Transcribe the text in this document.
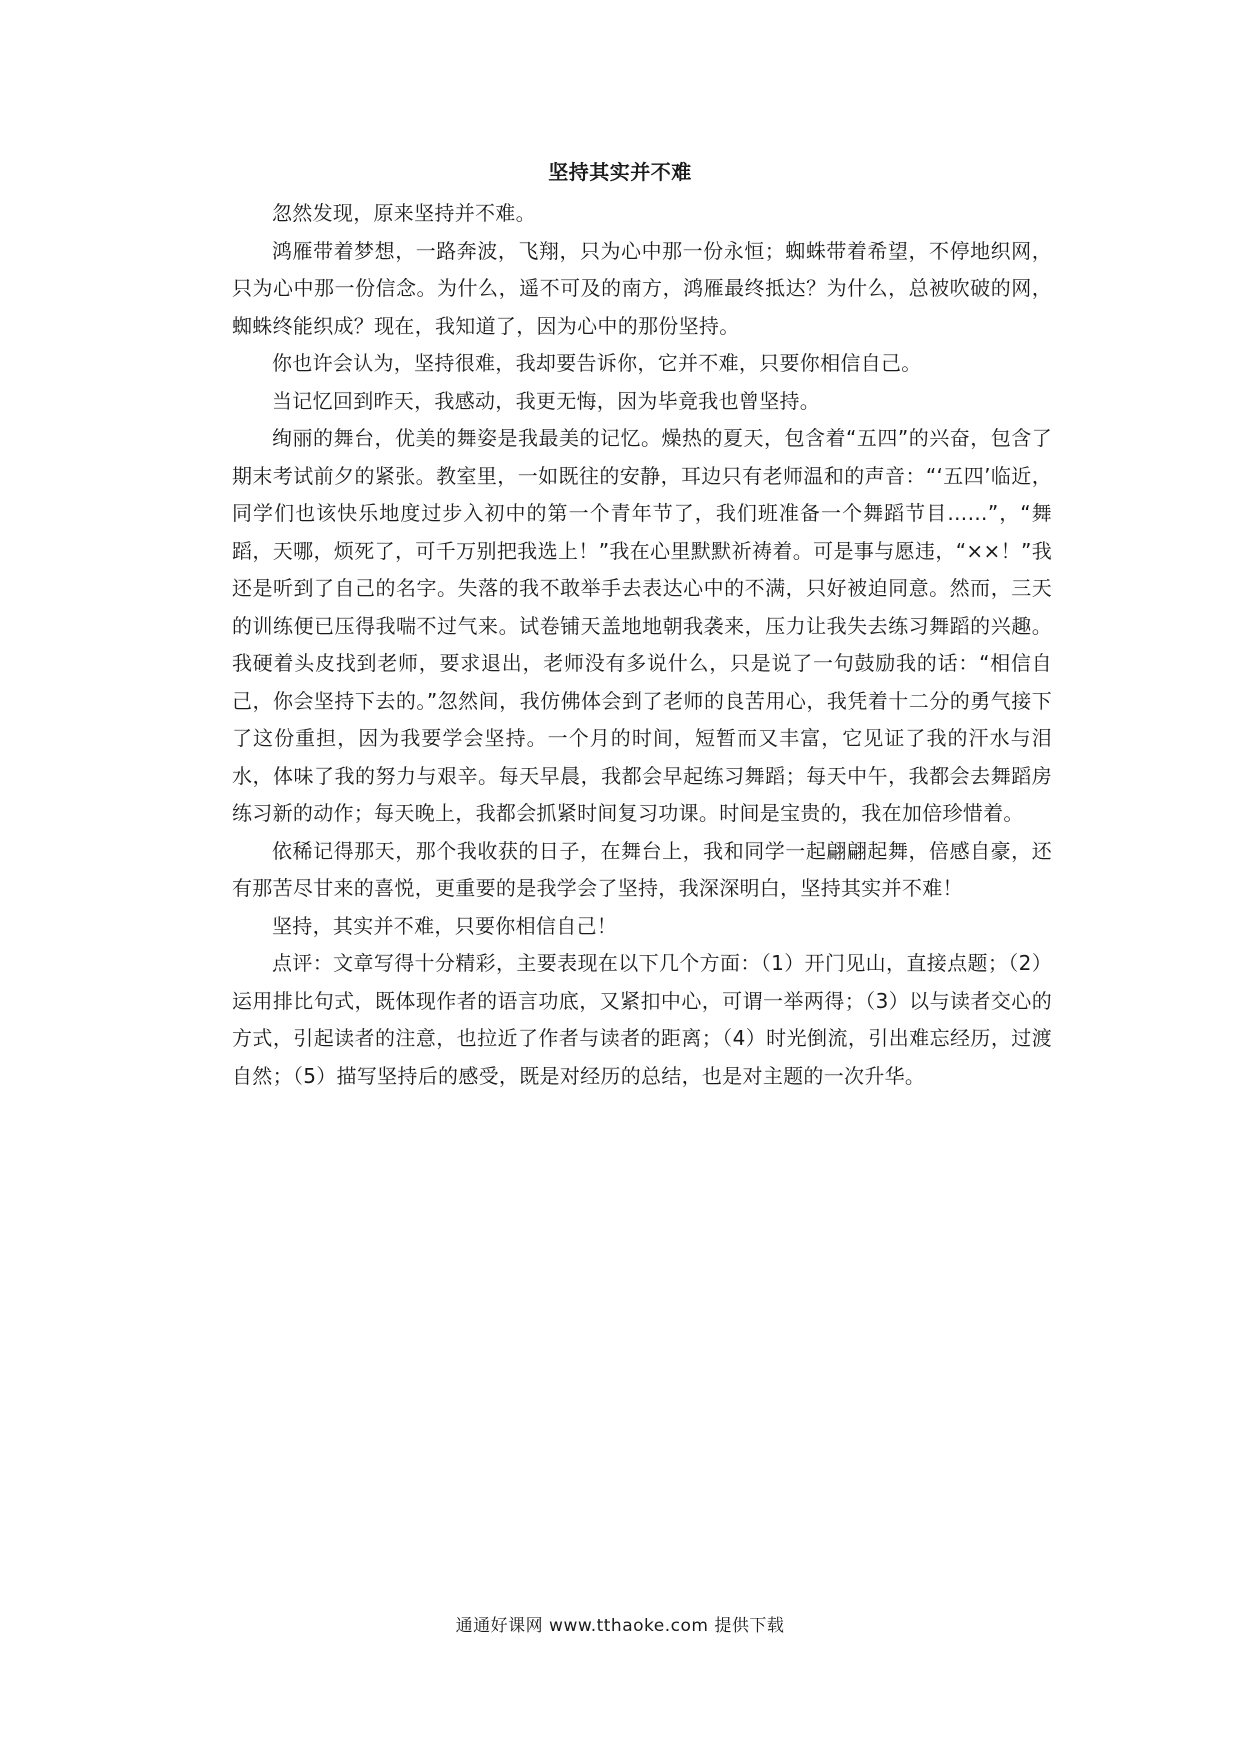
坚持其实并不难

忽然发现，原来坚持并不难。

鸿雁带着梦想，一路奔波，飞翔，只为心中那一份永恒；蜘蛛带着希望，不停地织网，只为心中那一份信念。为什么，遥不可及的南方，鸿雁最终抵达？为什么，总被吹破的网，蜘蛛终能织成？现在，我知道了，因为心中的那份坚持。

你也许会认为，坚持很难，我却要告诉你，它并不难，只要你相信自己。

当记忆回到昨天，我感动，我更无悔，因为毕竟我也曾坚持。

绚丽的舞台，优美的舞姿是我最美的记忆。燥热的夏天，包含着“五四”的兴奋，包含了期末考试前夕的紧张。教室里，一如既往的安静，耳边只有老师温和的声音：“‘五四’临近，同学们也该快乐地度过步入初中的第一个青年节了，我们班准备一个舞蹈节目……”，“舞蹈，天哪，烦死了，可千万别把我选上！”我在心里默默祈祷着。可是事与愿违，“××！”我还是听到了自己的名字。失落的我不敢举手去表达心中的不满，只好被迫同意。然而，三天的训练便已压得我喘不过气来。试卷铺天盖地地朝我袭来，压力让我失去练习舞蹈的兴趣。我硬着头皮找到老师，要求退出，老师没有多说什么，只是说了一句鼓励我的话：“相信自己，你会坚持下去的。”忽然间，我仿佛体会到了老师的良苦用心，我凭着十二分的勇气接下了这份重担，因为我要学会坚持。一个月的时间，短暂而又丰富，它见证了我的汗水与泪水，体味了我的努力与艰辛。每天早晨，我都会早起练习舞蹈；每天中午，我都会去舞蹈房练习新的动作；每天晚上，我都会抓紧时间复习功课。时间是宝贵的，我在加倍珍惜着。

依稀记得那天，那个我收获的日子，在舞台上，我和同学一起翩翩起舞，倍感自豪，还有那苦尽甘来的喜悦，更重要的是我学会了坚持，我深深明白，坚持其实并不难！

坚持，其实并不难，只要你相信自己！

点评：文章写得十分精彩，主要表现在以下几个方面：（1）开门见山，直接点题；（2）运用排比句式，既体现作者的语言功底，又紧扣中心，可谓一举两得；（3）以与读者交心的方式，引起读者的注意，也拉近了作者与读者的距离；（4）时光倒流，引出难忘经历，过渡自然；（5）描写坚持后的感受，既是对经历的总结，也是对主题的一次升华。

通通好课网 www.tthaoke.com 提供下载
